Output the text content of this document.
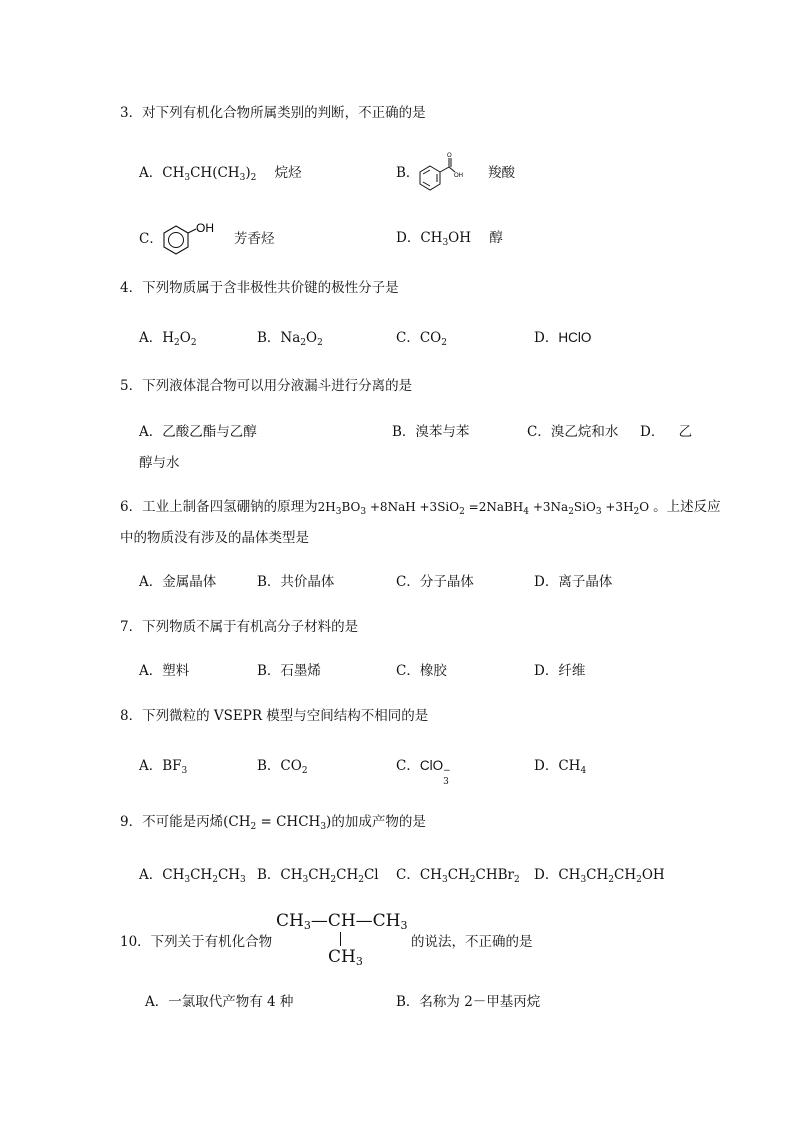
3．对下列有机化合物所属类别的判断，不正确的是
A．$CH_3CH(CH_3)_2$ 烷烃	B．
O
OH 羧酸
C．
OH
芳香烃	D．$CH_3OH$ 醇
4．下列物质属于含非极性共价键的极性分子是
A．$H_2O_2$	B．$Na_2O_2$	C．$CO_2$	D．HClO
5．下列液体混合物可以用分液漏斗进行分离的是
A．乙酸乙酯与乙醇	B．溴苯与苯	C．溴乙烷和水 D． 乙
醇与水
6．工业上制备四氢硼钠的原理为$2H_3BO_3 +8NaH +3SiO_2$ =2NaBH$_4$ $+3Na_2SiO_3 +3H_2O$ 。上述反应
中的物质没有涉及的晶体类型是
A．金属晶体	B．共价晶体	C．分子晶体	D．离子晶体
7．下列物质不属于有机高分子材料的是
A．塑料	B．石墨烯	C．橡胶	D．纤维
8．下列微粒的 VSEPR 模型与空间结构不相同的是
A．$BF_3$	B．$CO_2$	C．ClO −
3
D．$CH_4$
9．不可能是丙烯($CH_2$ = $CHCH_3$)的加成产物的是
A．$CH_3CH_2CH_3$ B．$CH_3CH_2CH_2Cl$ C．$CH_3CH_2CHBr_2$ D．$CH_3CH_2CH_2OH$
10．下列关于有机化合物
$CH_3—CH—CH_3$
$CH_3$
的说法，不正确的是
A．一氯取代产物有 4 种	B．名称为 2－甲基丙烷
